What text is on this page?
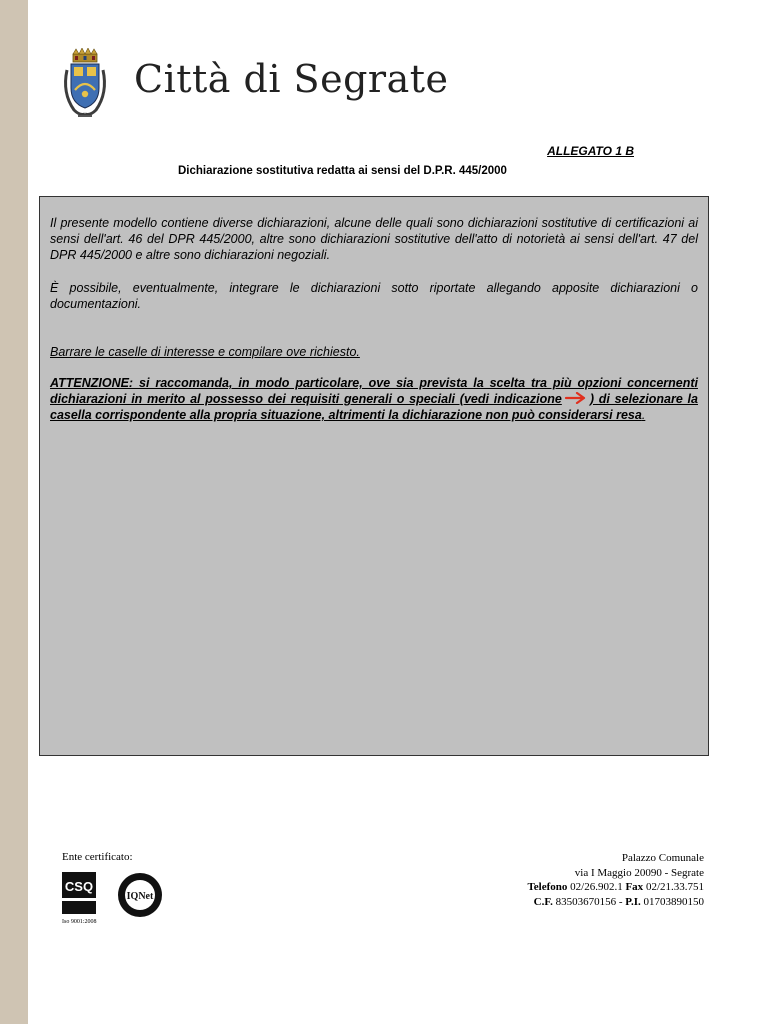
Città di Segrate
ALLEGATO 1 B
Dichiarazione sostitutiva redatta ai sensi del D.P.R. 445/2000

Il presente modello contiene diverse dichiarazioni, alcune delle quali sono dichiarazioni sostitutive di certificazioni ai sensi dell'art. 46 del DPR 445/2000, altre sono dichiarazioni sostitutive dell'atto di notorietà ai sensi dell'art. 47 del DPR 445/2000 e altre sono dichiarazioni negoziali.

È possibile, eventualmente, integrare le dichiarazioni sotto riportate allegando apposite dichiarazioni o documentazioni.

Barrare le caselle di interesse e compilare ove richiesto.

ATTENZIONE: si raccomanda, in modo particolare, ove sia prevista la scelta tra più opzioni concernenti dichiarazioni in merito al possesso dei requisiti generali o speciali (vedi indicazione ) di selezionare la casella corrispondente alla propria situazione, altrimenti la dichiarazione non può considerarsi resa.

Ente certificato:
CSQ
IQNet
Iso 9001:2008
Palazzo Comunale
via I Maggio 20090 - Segrate
Telefono 02/26.902.1 Fax 02/21.33.751
C.F. 83503670156 - P.I. 01703890150
